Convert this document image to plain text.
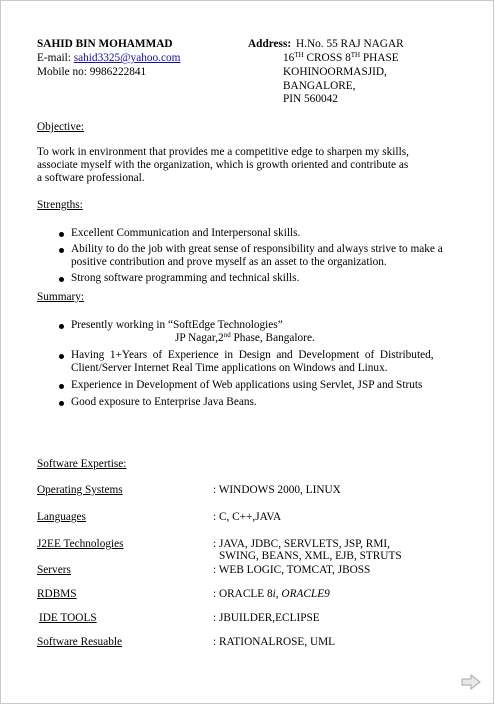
SAHID BIN MOHAMMAD
E-mail: sahid3325@yahoo.com
Mobile no: 9986222841
Address: H.No. 55 RAJ NAGAR
16TH CROSS 8TH PHASE
KOHINOORMASJID,
BANGALORE,
PIN 560042
Objective:
To work in environment that provides me a competitive edge to sharpen my skills,
associate myself with the organization, which is growth oriented and contribute as
a software professional.
Strengths:
Excellent Communication and Interpersonal skills.
Ability to do the job with great sense of responsibility and always strive to make a
positive contribution and prove myself as an asset to the organization.
Strong software programming and technical skills.
Summary:
Presently working in “SoftEdge Technologies”
JP Nagar,2nd Phase, Bangalore.
Having  1+Years  of  Experience  in  Design  and  Development  of  Distributed,
Client/Server Internet Real Time applications on Windows and Linux.
Experience in Development of Web applications using Servlet, JSP and Struts
Good exposure to Enterprise Java Beans.
Software Expertise:
Operating Systems	: WINDOWS 2000, LINUX
Languages	: C, C++,JAVA
J2EE Technologies	: JAVA, JDBC, SERVLETS, JSP, RMI,
SWING, BEANS, XML, EJB, STRUTS
Servers	: WEB LOGIC, TOMCAT, JBOSS
RDBMS	: ORACLE 8i, ORACLE9
IDE TOOLS	: JBUILDER,ECLIPSE
Software Resuable	: RATIONALROSE, UML
